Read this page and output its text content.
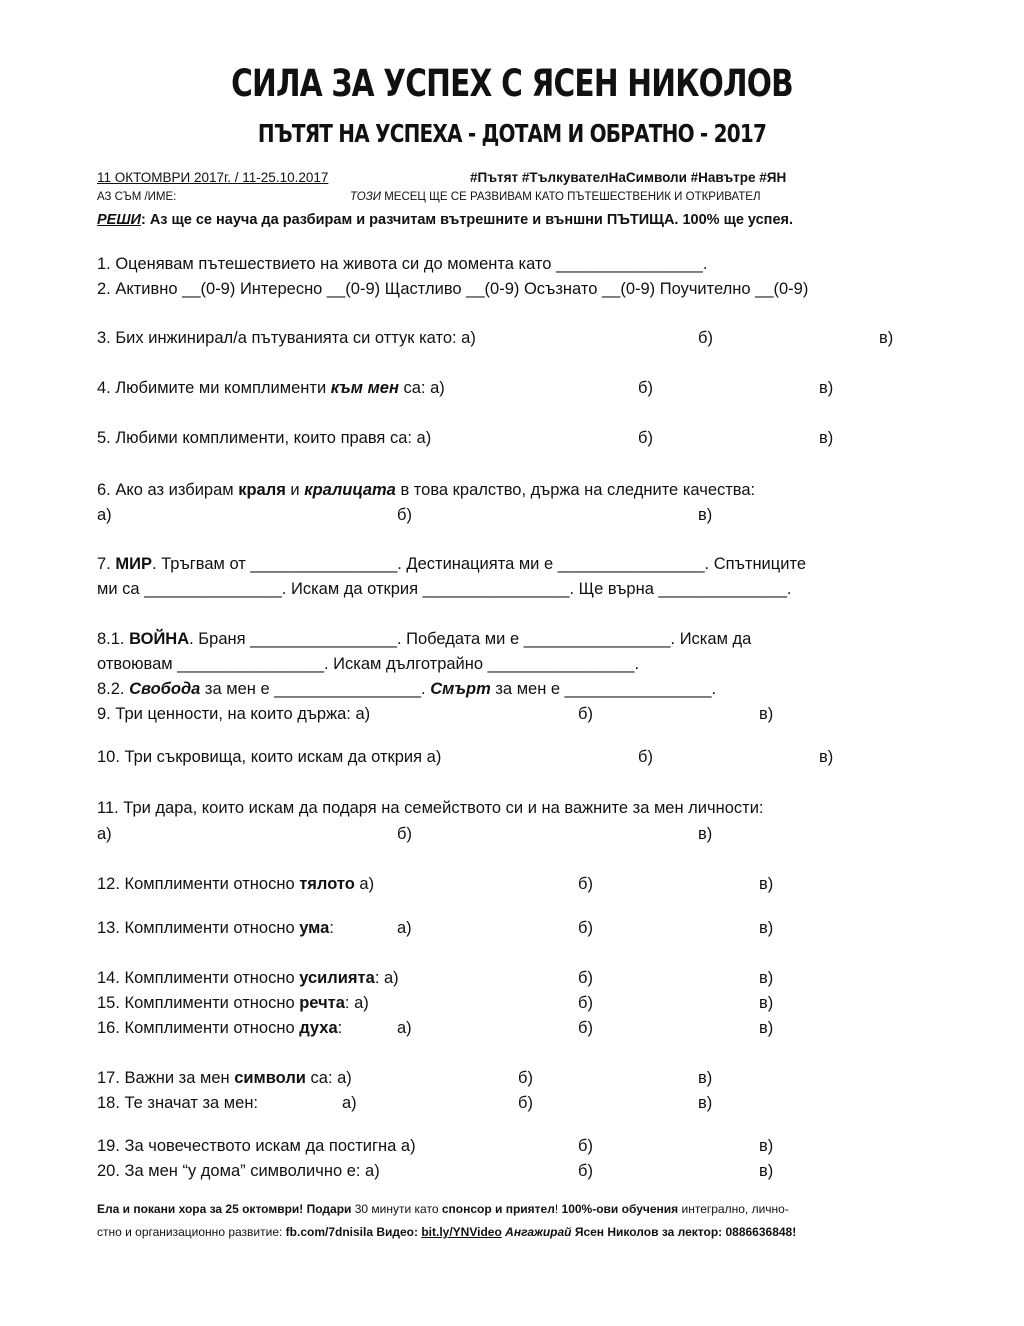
СИЛА ЗА УСПЕХ С ЯСЕН НИКОЛОВ
ПЪТЯТ НА УСПЕХА - ДОТАМ И ОБРАТНО - 2017
11 ОКТОМВРИ 2017г. / 11-25.10.2017	#Пътят #ТълкувателНаСимволи #Навътре #ЯН
АЗ СЪМ /ИМЕ:	ТОЗИ МЕСЕЦ ЩЕ СЕ РАЗВИВАМ КАТО ПЪТЕШЕСТВЕНИК И ОТКРИВАТЕЛ
РЕШИ: Аз ще се науча да разбирам и разчитам вътрешните и външни ПЪТИЩА. 100% ще успея.
1. Оценявам пътешествието на живота си до момента като ________________.
2. Активно __(0-9) Интересно __(0-9) Щастливо __(0-9) Осъзнато __(0-9) Поучително __(0-9)
3. Бих инжинирал/а пътуванията си оттук като: а)	б)	в)
4. Любимите ми комплименти към мен са: а)	б)	в)
5. Любими комплименти, които правя са: а)	б)	в)
6. Ако аз избирам краля и кралицата в това кралство, държа на следните качества:
а)	б)	в)
7. МИР. Тръгвам от ________________. Дестинацията ми е ________________. Спътниците
ми са _______________. Искам да открия ________________. Ще върна ______________.
8.1. ВОЙНА. Браня ________________. Победата ми е ________________. Искам да
отвоювам ________________. Искам дълготрайно ________________.
8.2. Свобода за мен е ________________. Смърт за мен е ________________.
9. Три ценности, на които държа: а)	б)	в)
10. Три съкровища, които искам да открия а)	б)	в)
11. Три дара, които искам да подаря на семейството си и на важните за мен личности:
а)	б)	в)
12. Комплименти относно тялото а)	б)	в)
13. Комплименти относно ума:	а)	б)	в)
14. Комплименти относно усилията: а)	б)	в)
15. Комплименти относно речта: а)	б)	в)
16. Комплименти относно духа:	а)	б)	в)
17. Важни за мен символи са: а)	б)	в)
18. Те значат за мен:	а)	б)	в)
19. За човечеството искам да постигна а)	б)	в)
20. За мен “у дома” символично е: а)	б)	в)
Ела и покани хора за 25 октомври! Подари 30 минути като спонсор и приятел! 100%-ови обучения интегрално, лично-
стно и организационно развитие: fb.com/7dnisila Видео: bit.ly/YNVideo Ангажирай Ясен Николов за лектор: 0886636848!
